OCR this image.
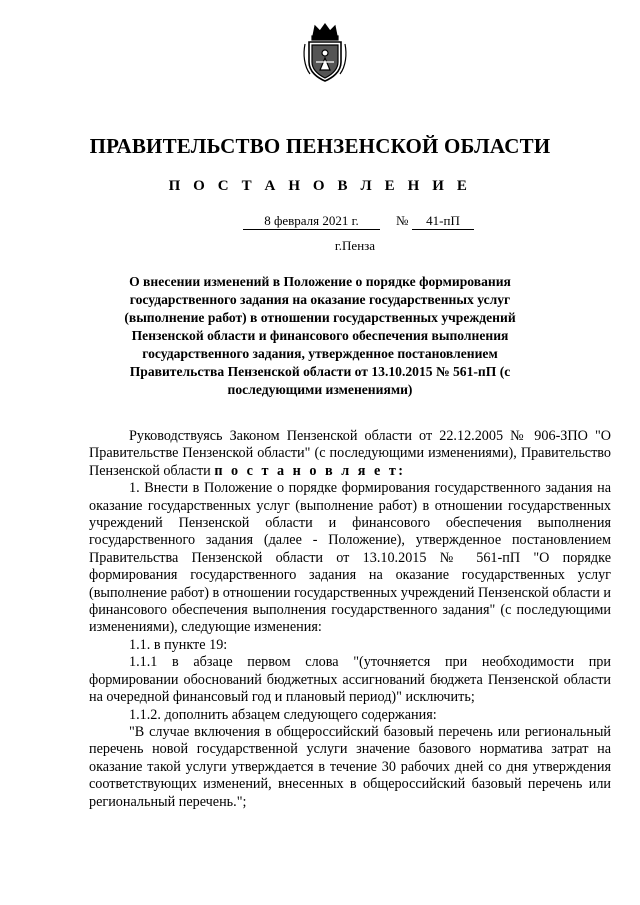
ПРАВИТЕЛЬСТВО ПЕНЗЕНСКОЙ ОБЛАСТИ
П О С Т А Н О В Л Е Н И Е
8 февраля 2021 г.	№	41-пП
г.Пенза
О внесении изменений в Положение о порядке формирования государственного задания на оказание государственных услуг (выполнение работ) в отношении государственных учреждений Пензенской области и финансового обеспечения выполнения государственного задания, утвержденное постановлением Правительства Пензенской области от 13.10.2015 № 561-пП (с последующими изменениями)

Руководствуясь Законом Пензенской области от 22.12.2005 № 906-ЗПО "О Правительстве Пензенской области" (с последующими изменениями), Правительство Пензенской области п о с т а н о в л я е т:

1. Внести в Положение о порядке формирования государственного задания на оказание государственных услуг (выполнение работ) в отношении государственных учреждений Пензенской области и финансового обеспечения выполнения государственного задания (далее - Положение), утвержденное постановлением Правительства Пензенской области от 13.10.2015 № 561-пП "О порядке формирования государственного задания на оказание государственных услуг (выполнение работ) в отношении государственных учреждений Пензенской области и финансового обеспечения выполнения государственного задания" (с последующими изменениями), следующие изменения:

1.1. в пункте 19:

1.1.1 в абзаце первом слова "(уточняется при необходимости при формировании обоснований бюджетных ассигнований бюджета Пензенской области на очередной финансовый год и плановый период)" исключить;

1.1.2. дополнить абзацем следующего содержания:

"В случае включения в общероссийский базовый перечень или региональный перечень новой государственной услуги значение базового норматива затрат на оказание такой услуги утверждается в течение 30 рабочих дней со дня утверждения соответствующих изменений, внесенных в общероссийский базовый перечень или региональный перечень.";
